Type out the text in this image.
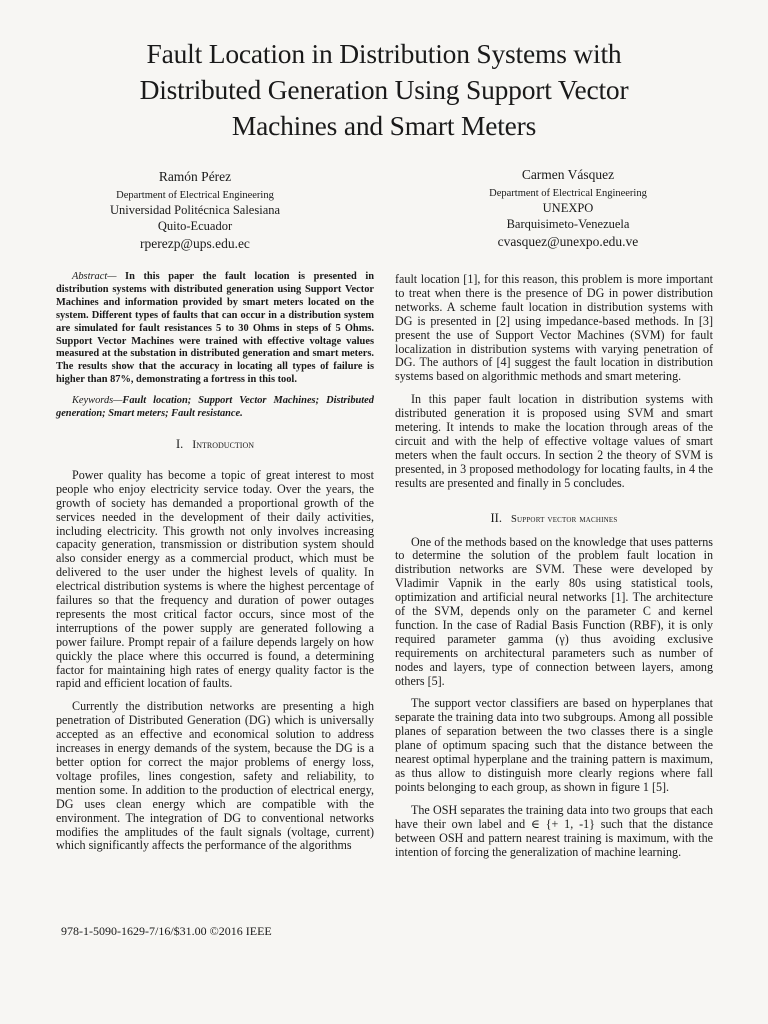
Fault Location in Distribution Systems with
Distributed Generation Using Support Vector
Machines and Smart Meters
Ramón Pérez
Department of Electrical Engineering
Universidad Politécnica Salesiana
Quito-Ecuador
rperezp@ups.edu.ec
Carmen Vásquez
Department of Electrical Engineering
UNEXPO
Barquisimeto-Venezuela
cvasquez@unexpo.edu.ve

Abstract— In this paper the fault location is presented in distribution systems with distributed generation using Support Vector Machines and information provided by smart meters located on the system. Different types of faults that can occur in a distribution system are simulated for fault resistances 5 to 30 Ohms in steps of 5 Ohms. Support Vector Machines were trained with effective voltage values measured at the substation in distributed generation and smart meters. The results show that the accuracy in locating all types of failure is higher than 87%, demonstrating a fortress in this tool.

Keywords—Fault location; Support Vector Machines; Distributed generation; Smart meters; Fault resistance.

I. Introduction

Power quality has become a topic of great interest to most people who enjoy electricity service today. Over the years, the growth of society has demanded a proportional growth of the services needed in the development of their daily activities, including electricity. This growth not only involves increasing capacity generation, transmission or distribution system should also consider energy as a commercial product, which must be delivered to the user under the highest levels of quality. In electrical distribution systems is where the highest percentage of failures so that the frequency and duration of power outages represents the most critical factor occurs, since most of the interruptions of the power supply are generated following a power failure. Prompt repair of a failure depends largely on how quickly the place where this occurred is found, a determining factor for maintaining high rates of energy quality factor is the rapid and efficient location of faults.

Currently the distribution networks are presenting a high penetration of Distributed Generation (DG) which is universally accepted as an effective and economical solution to address increases in energy demands of the system, because the DG is a better option for correct the major problems of energy loss, voltage profiles, lines congestion, safety and reliability, to mention some. In addition to the production of electrical energy, DG uses clean energy which are compatible with the environment. The integration of DG to conventional networks modifies the amplitudes of the fault signals (voltage, current) which significantly affects the performance of the algorithms

fault location [1], for this reason, this problem is more important to treat when there is the presence of DG in power distribution networks. A scheme fault location in distribution systems with DG is presented in [2] using impedance-based methods. In [3] present the use of Support Vector Machines (SVM) for fault localization in distribution systems with varying penetration of DG. The authors of [4] suggest the fault location in distribution systems based on algorithmic methods and smart metering.

In this paper fault location in distribution systems with distributed generation it is proposed using SVM and smart metering. It intends to make the location through areas of the circuit and with the help of effective voltage values of smart meters when the fault occurs. In section 2 the theory of SVM is presented, in 3 proposed methodology for locating faults, in 4 the results are presented and finally in 5 concludes.

II. Support vector machines

One of the methods based on the knowledge that uses patterns to determine the solution of the problem fault location in distribution networks are SVM. These were developed by Vladimir Vapnik in the early 80s using statistical tools, optimization and artificial neural networks [1]. The architecture of the SVM, depends only on the parameter C and kernel function. In the case of Radial Basis Function (RBF), it is only required parameter gamma (γ) thus avoiding exclusive requirements on architectural parameters such as number of nodes and layers, type of connection between layers, among others [5].

The support vector classifiers are based on hyperplanes that separate the training data into two subgroups. Among all possible planes of separation between the two classes there is a single plane of optimum spacing such that the distance between the nearest optimal hyperplane and the training pattern is maximum, as thus allow to distinguish more clearly regions where fall points belonging to each group, as shown in figure 1 [5].

The OSH separates the training data into two groups that each have their own label and ∈ {+ 1, -1} such that the distance between OSH and pattern nearest training is maximum, with the intention of forcing the generalization of machine learning.

978-1-5090-1629-7/16/$31.00 ©2016 IEEE
